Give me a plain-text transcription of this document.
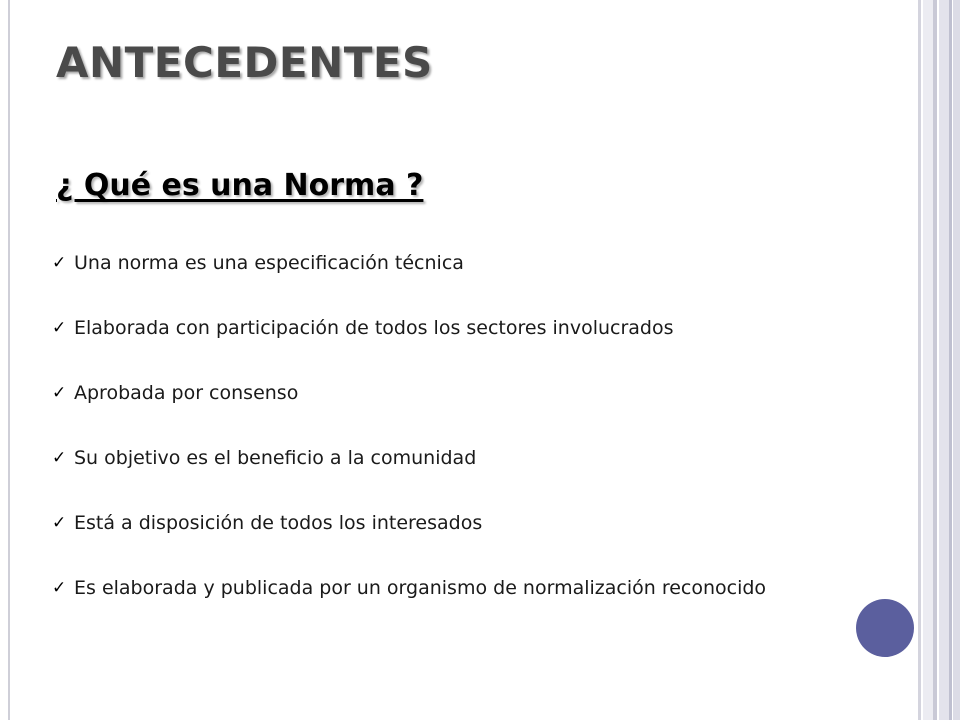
ANTECEDENTES
¿ Qué es una Norma ?
✓ Una norma es una especificación técnica
✓ Elaborada con participación de todos los sectores involucrados
✓ Aprobada por consenso
✓ Su objetivo es el beneficio a la comunidad
✓ Está a disposición de todos los interesados
✓ Es elaborada y publicada por un organismo de normalización reconocido
